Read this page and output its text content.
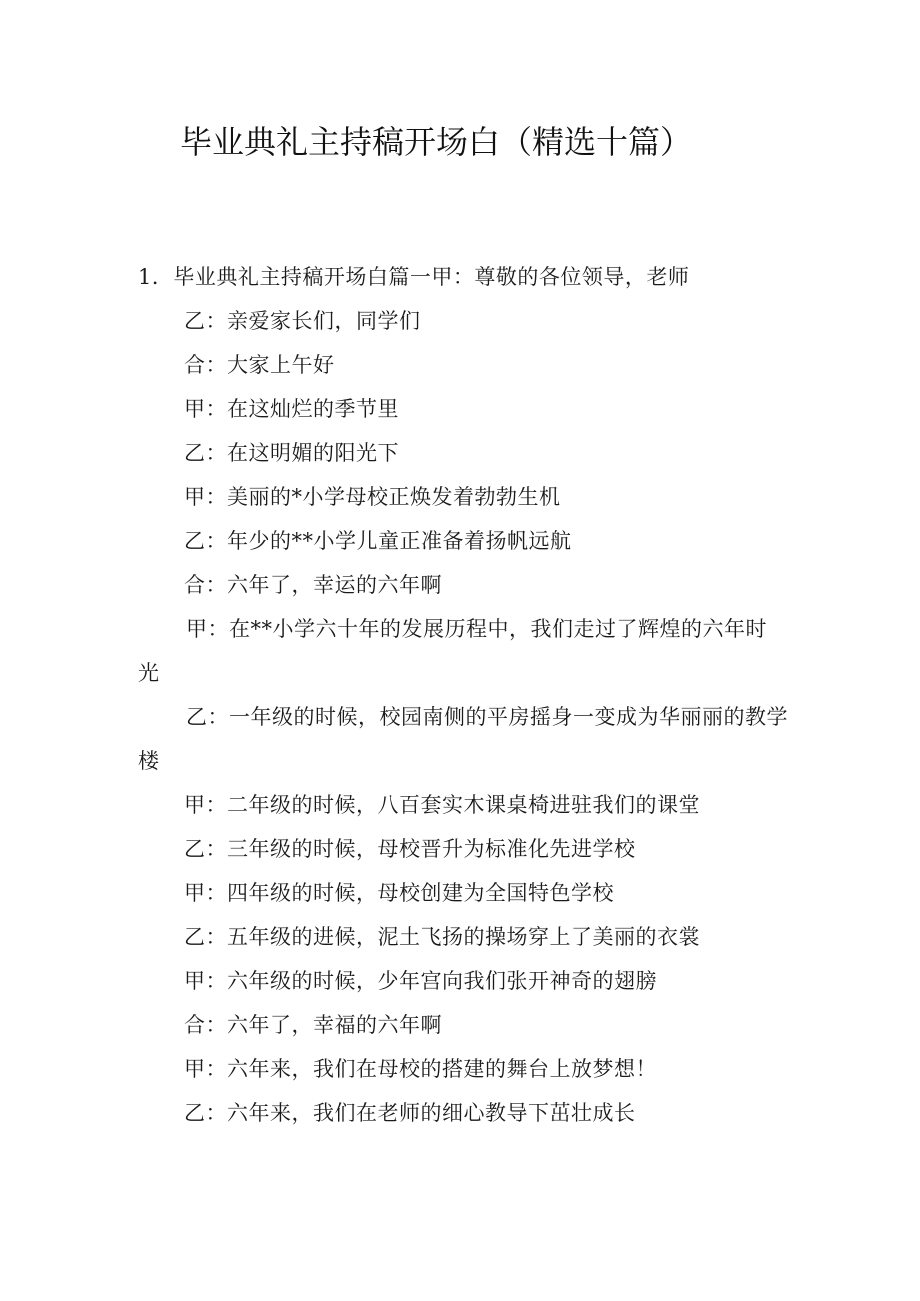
毕业典礼主持稿开场白（精选十篇）

1．毕业典礼主持稿开场白篇一甲：尊敬的各位领导，老师

乙：亲爱家长们，同学们

合：大家上午好

甲：在这灿烂的季节里

乙：在这明媚的阳光下

甲：美丽的*小学母校正焕发着勃勃生机

乙：年少的**小学儿童正准备着扬帆远航

合：六年了，幸运的六年啊

甲：在**小学六十年的发展历程中，我们走过了辉煌的六年时光

乙：一年级的时候，校园南侧的平房摇身一变成为华丽丽的教学楼

甲：二年级的时候，八百套实木课桌椅进驻我们的课堂

乙：三年级的时候，母校晋升为标准化先进学校

甲：四年级的时候，母校创建为全国特色学校

乙：五年级的进候，泥土飞扬的操场穿上了美丽的衣裳

甲：六年级的时候，少年宫向我们张开神奇的翅膀

合：六年了，幸福的六年啊

甲：六年来，我们在母校的搭建的舞台上放梦想！

乙：六年来，我们在老师的细心教导下茁壮成长
